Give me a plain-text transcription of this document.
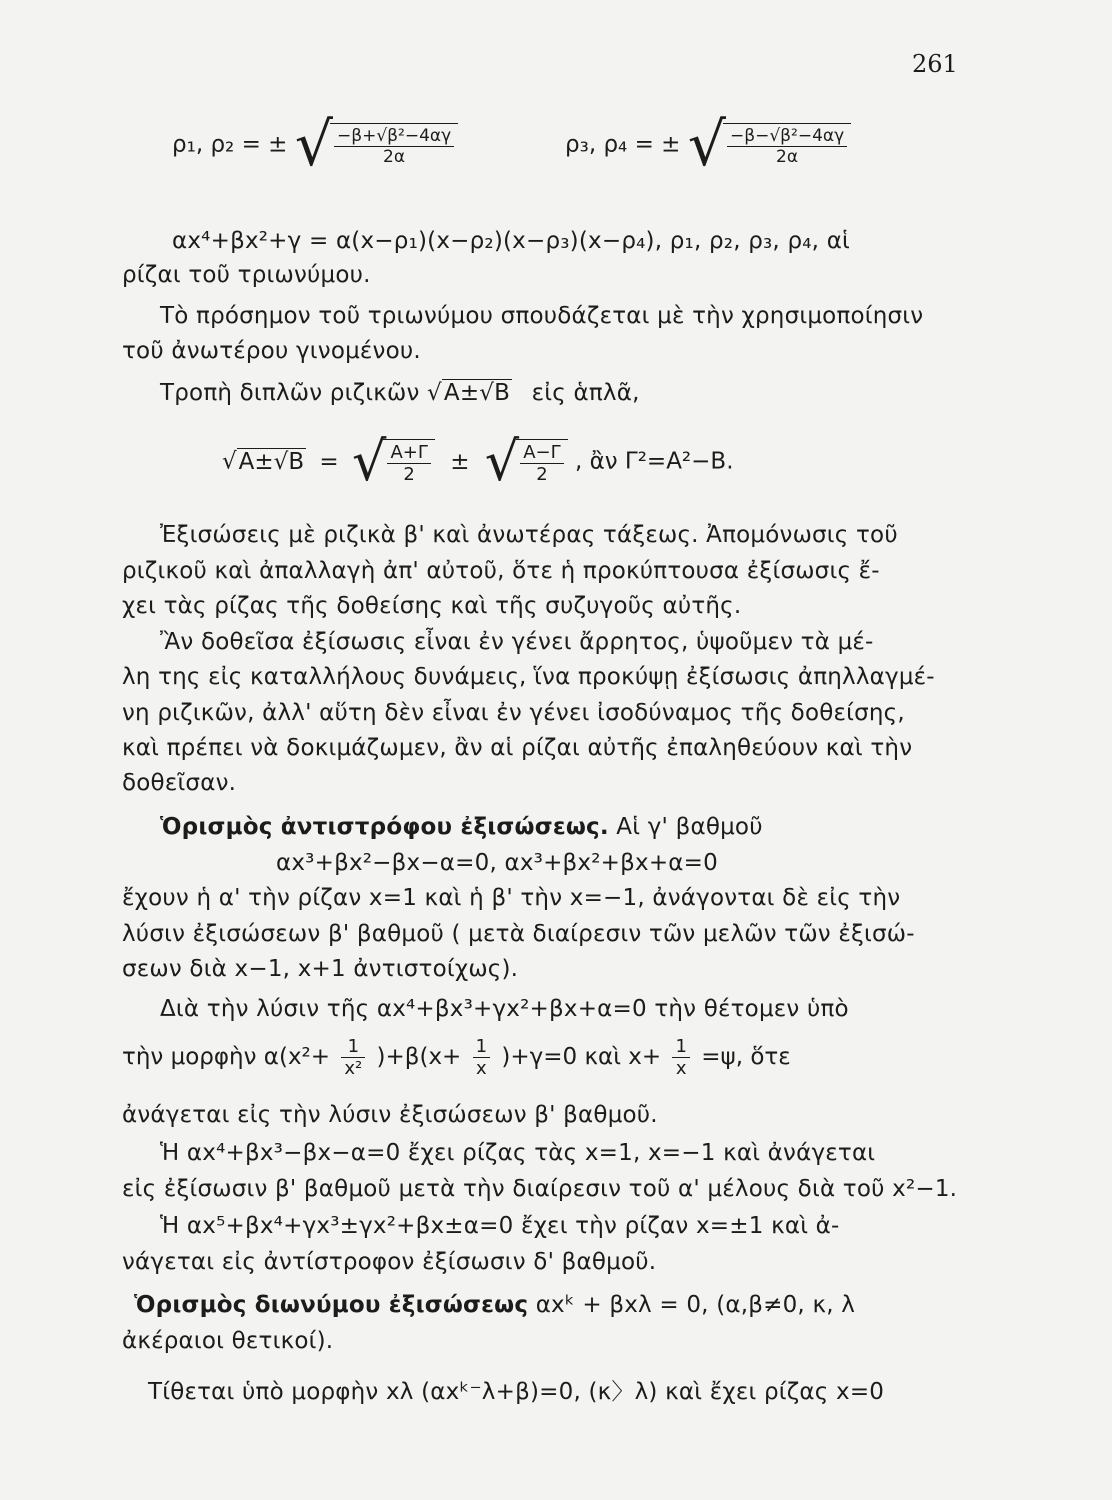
261
ρ₁, ρ₂ = ± √ $\frac{\text{−β+√β²−4αγ}}{2\alpha}$	ρ₃, ρ₄ = ± √ $\frac{\text{−β−√β²−4αγ}}{2\alpha}$
αx⁴+βx²+γ = α(x−ρ₁)(x−ρ₂)(x−ρ₃)(x−ρ₄), ρ₁, ρ₂, ρ₃, ρ₄, αἱ
ρίζαι τοῦ τριωνύμου.
Τὸ πρόσημον τοῦ τριωνύμου σπουδάζεται μὲ τὴν χρησιμοποίησιν
τοῦ ἀνωτέρου γινομένου.
Τροπὴ διπλῶν ριζικῶν √A±√B εἰς ἁπλᾶ,
√A±√B = √ $\frac{A+\Gamma}{2}$ ± √ $\frac{A-\Gamma}{2}$ , ἂν Γ²=A²−B.
Ἐξισώσεις μὲ ριζικὰ β' καὶ ἀνωτέρας τάξεως. Ἀπομόνωσις τοῦ
ριζικοῦ καὶ ἀπαλλαγὴ ἀπ' αὐτοῦ, ὅτε ἡ προκύπτουσα ἐξίσωσις ἔ-
χει τὰς ρίζας τῆς δοθείσης καὶ τῆς συζυγοῦς αὐτῆς.
Ἂν δοθεῖσα ἐξίσωσις εἶναι ἐν γένει ἄρρητος, ὑψοῦμεν τὰ μέ-
λη της εἰς καταλλήλους δυνάμεις, ἵνα προκύψῃ ἐξίσωσις ἀπηλλαγμέ-
νη ριζικῶν, ἀλλ' αὕτη δὲν εἶναι ἐν γένει ἰσοδύναμος τῆς δοθείσης,
καὶ πρέπει νὰ δοκιμάζωμεν, ἂν αἱ ρίζαι αὐτῆς ἐπαληθεύουν καὶ τὴν
δοθεῖσαν.
Ὁρισμὸς ἀντιστρόφου ἐξισώσεως. Αἱ γ' βαθμοῦ
αx³+βx²−βx−α=0, αx³+βx²+βx+α=0
ἔχουν ἡ α' τὴν ρίζαν x=1 καὶ ἡ β' τὴν x=−1, ἀνάγονται δὲ εἰς τὴν
λύσιν ἐξισώσεων β' βαθμοῦ ( μετὰ διαίρεσιν τῶν μελῶν τῶν ἐξισώ-
σεων διὰ x−1, x+1 ἀντιστοίχως).
Διὰ τὴν λύσιν τῆς αx⁴+βx³+γx²+βx+α=0 τὴν θέτομεν ὑπὸ
τὴν μορφὴν $\alpha(x^2+ \frac{1}{\text{x²}} )+\beta(x+ \frac{1}{x} )+\gamma=0$ καὶ $x+ \frac{1}{x} =\psi$, ὅτε
ἀνάγεται εἰς τὴν λύσιν ἐξισώσεων β' βαθμοῦ.
Ἡ αx⁴+βx³−βx−α=0 ἔχει ρίζας τὰς x=1, x=−1 καὶ ἀνάγεται
εἰς ἐξίσωσιν β' βαθμοῦ μετὰ τὴν διαίρεσιν τοῦ α' μέλους διὰ τοῦ x²−1.
Ἡ αx⁵+βx⁴+γx³±γx²+βx±α=0 ἔχει τὴν ρίζαν x=±1 καὶ ἀ-
νάγεται εἰς ἀντίστροφον ἐξίσωσιν δ' βαθμοῦ.
Ὁρισμὸς διωνύμου ἐξισώσεως αxᵏ + βxλ = 0, (α,β≠0, κ, λ
ἀκέραιοι θετικοί).
Τίθεται ὑπὸ μορφὴν xλ (αxᵏ⁻λ+β)=0, (κ〉λ) καὶ ἔχει ρίζας x=0
